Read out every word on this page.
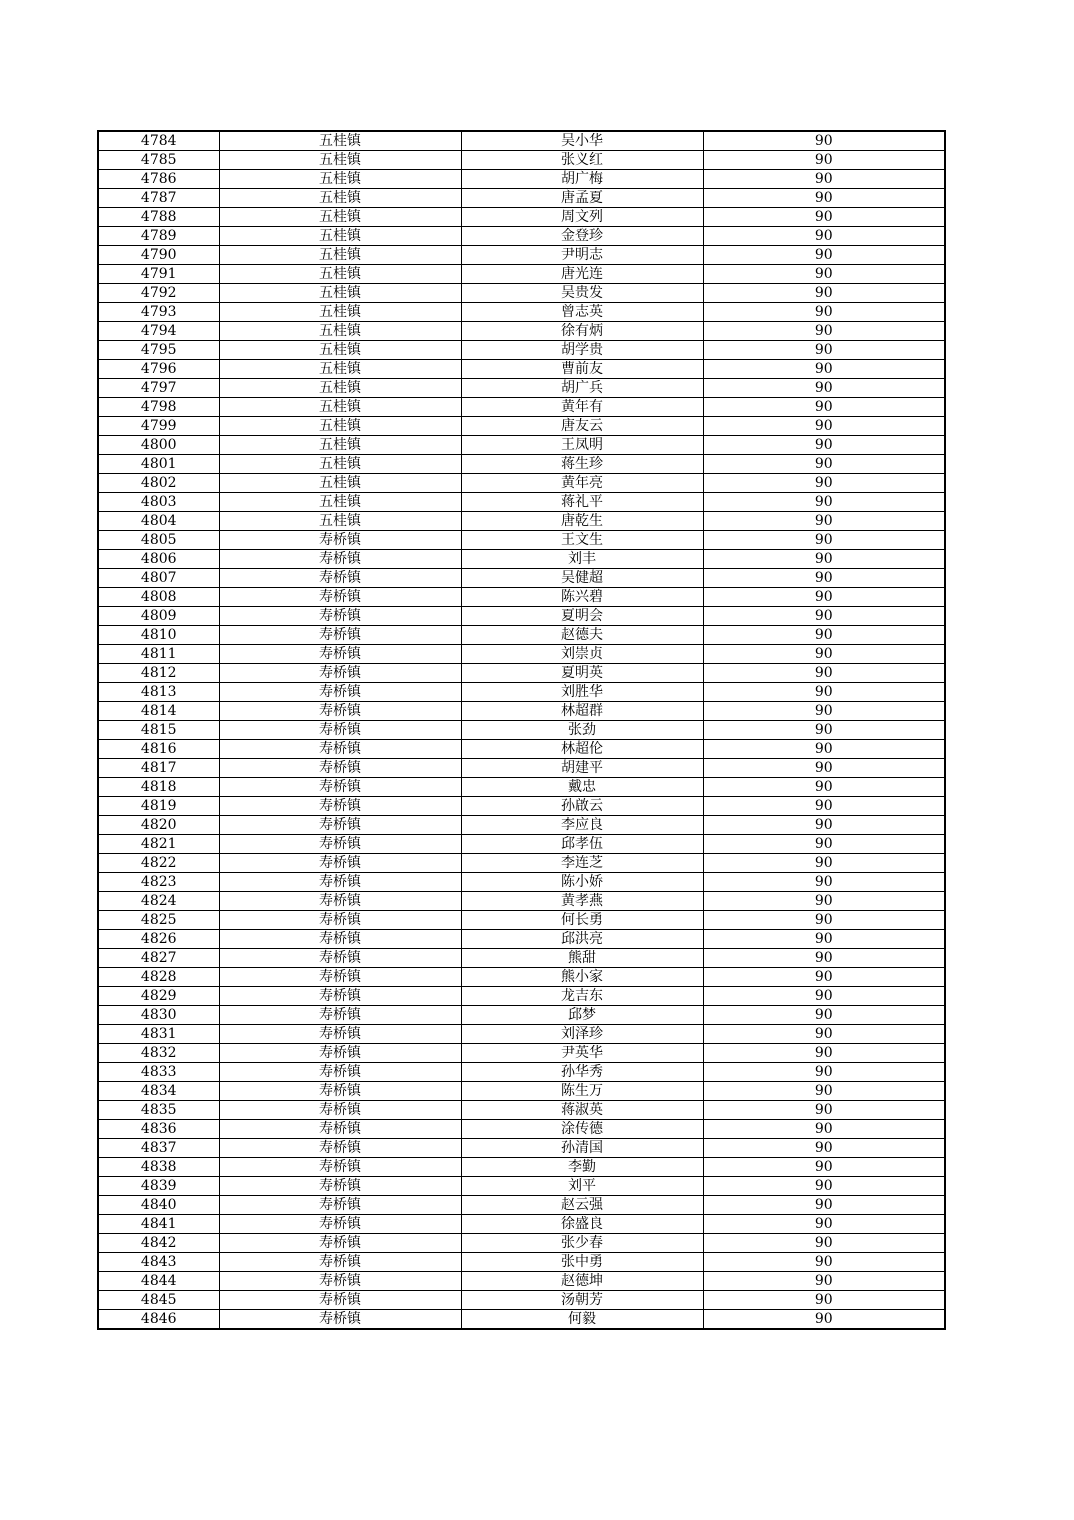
4784	五桂镇	吴小华	90
4785	五桂镇	张义红	90
4786	五桂镇	胡广梅	90
4787	五桂镇	唐孟夏	90
4788	五桂镇	周文列	90
4789	五桂镇	金登珍	90
4790	五桂镇	尹明志	90
4791	五桂镇	唐光连	90
4792	五桂镇	吴贵发	90
4793	五桂镇	曾志英	90
4794	五桂镇	徐有炳	90
4795	五桂镇	胡学贵	90
4796	五桂镇	曹前友	90
4797	五桂镇	胡广兵	90
4798	五桂镇	黄年有	90
4799	五桂镇	唐友云	90
4800	五桂镇	王凤明	90
4801	五桂镇	蒋生珍	90
4802	五桂镇	黄年亮	90
4803	五桂镇	蒋礼平	90
4804	五桂镇	唐乾生	90
4805	寿桥镇	王文生	90
4806	寿桥镇	刘丰	90
4807	寿桥镇	吴健超	90
4808	寿桥镇	陈兴碧	90
4809	寿桥镇	夏明会	90
4810	寿桥镇	赵德夫	90
4811	寿桥镇	刘崇贞	90
4812	寿桥镇	夏明英	90
4813	寿桥镇	刘胜华	90
4814	寿桥镇	林超群	90
4815	寿桥镇	张劲	90
4816	寿桥镇	林超伦	90
4817	寿桥镇	胡建平	90
4818	寿桥镇	戴忠	90
4819	寿桥镇	孙啟云	90
4820	寿桥镇	李应良	90
4821	寿桥镇	邱孝伍	90
4822	寿桥镇	李连芝	90
4823	寿桥镇	陈小娇	90
4824	寿桥镇	黄孝燕	90
4825	寿桥镇	何长勇	90
4826	寿桥镇	邱洪亮	90
4827	寿桥镇	熊甜	90
4828	寿桥镇	熊小家	90
4829	寿桥镇	龙吉东	90
4830	寿桥镇	邱梦	90
4831	寿桥镇	刘泽珍	90
4832	寿桥镇	尹英华	90
4833	寿桥镇	孙华秀	90
4834	寿桥镇	陈生万	90
4835	寿桥镇	蒋淑英	90
4836	寿桥镇	涂传德	90
4837	寿桥镇	孙清国	90
4838	寿桥镇	李勤	90
4839	寿桥镇	刘平	90
4840	寿桥镇	赵云强	90
4841	寿桥镇	徐盛良	90
4842	寿桥镇	张少春	90
4843	寿桥镇	张中勇	90
4844	寿桥镇	赵德坤	90
4845	寿桥镇	汤朝芳	90
4846	寿桥镇	何毅	90
